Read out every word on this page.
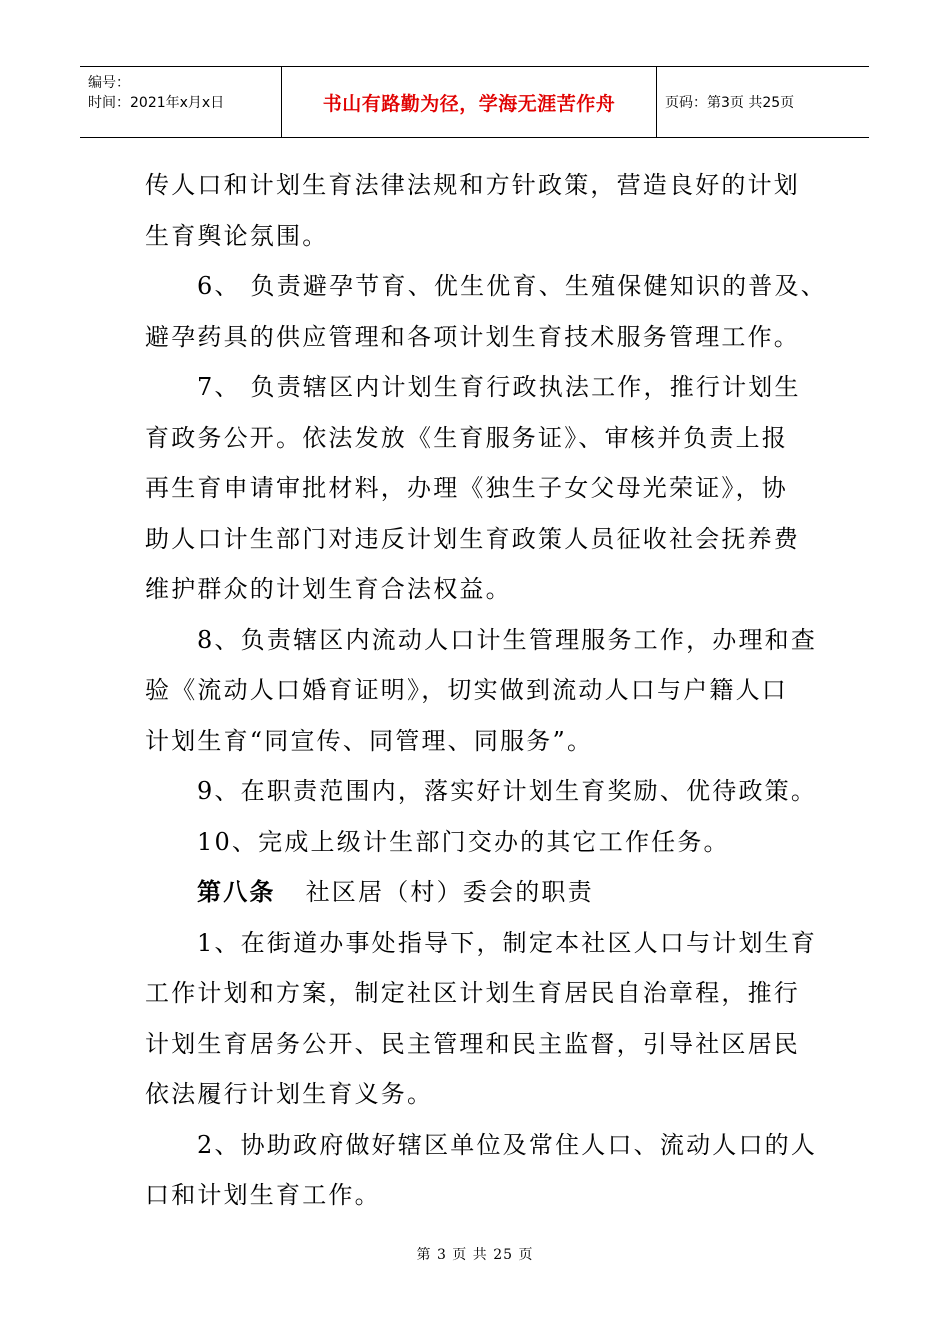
编号：
时间：2021年x月x日	书山有路勤为径，学海无涯苦作舟	页码：第3页 共25页
传人口和计划生育法律法规和方针政策，营造良好的计划
生育舆论氛围。
6、 负责避孕节育、优生优育、生殖保健知识的普及、
避孕药具的供应管理和各项计划生育技术服务管理工作。
7、 负责辖区内计划生育行政执法工作，推行计划生
育政务公开。依法发放《生育服务证》、审核并负责上报
再生育申请审批材料，办理《独生子女父母光荣证》，协
助人口计生部门对违反计划生育政策人员征收社会抚养费
维护群众的计划生育合法权益。
8、负责辖区内流动人口计生管理服务工作，办理和查
验《流动人口婚育证明》，切实做到流动人口与户籍人口
计划生育“同宣传、同管理、同服务”。
9、在职责范围内，落实好计划生育奖励、优待政策。
10、完成上级计生部门交办的其它工作任务。
第八条 社区居（村）委会的职责
1、在街道办事处指导下，制定本社区人口与计划生育
工作计划和方案，制定社区计划生育居民自治章程，推行
计划生育居务公开、民主管理和民主监督，引导社区居民
依法履行计划生育义务。
2、协助政府做好辖区单位及常住人口、流动人口的人
口和计划生育工作。
第 3 页 共 25 页
